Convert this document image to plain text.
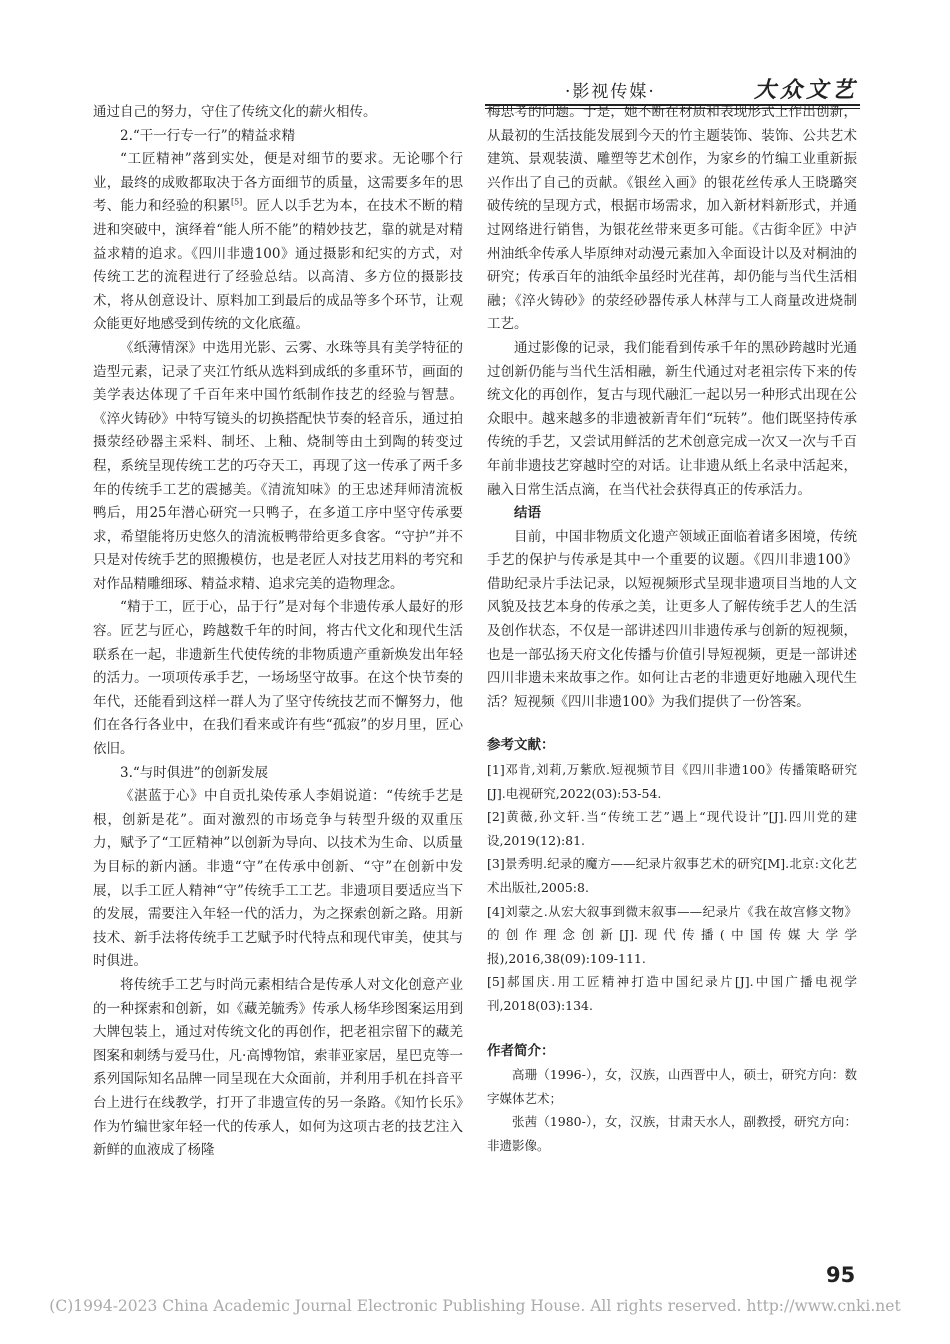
·影视传媒·	大众文艺

通过自己的努力，守住了传统文化的薪火相传。

2.“干一行专一行”的精益求精

“工匠精神”落到实处，便是对细节的要求。无论哪个行业，最终的成败都取决于各方面细节的质量，这需要多年的思考、能力和经验的积累[5]。匠人以手艺为本，在技术不断的精进和突破中，演绎着“能人所不能”的精妙技艺，靠的就是对精益求精的追求。《四川非遗100》通过摄影和纪实的方式，对传统工艺的流程进行了经验总结。以高清、多方位的摄影技术，将从创意设计、原料加工到最后的成品等多个环节，让观众能更好地感受到传统的文化底蕴。

《纸薄情深》中选用光影、云雾、水珠等具有美学特征的造型元素，记录了夹江竹纸从选料到成纸的多重环节，画面的美学表达体现了千百年来中国竹纸制作技艺的经验与智慧。《淬火铸砂》中特写镜头的切换搭配快节奏的轻音乐，通过拍摄荥经砂器主采料、制坯、上釉、烧制等由土到陶的转变过程，系统呈现传统工艺的巧夺天工，再现了这一传承了两千多年的传统手工艺的震撼美。《清流知味》的王忠述拜师清流板鸭后，用25年潜心研究一只鸭子，在多道工序中坚守传承要求，希望能将历史悠久的清流板鸭带给更多食客。“守护”并不只是对传统手艺的照搬模仿，也是老匠人对技艺用料的考究和对作品精雕细琢、精益求精、追求完美的造物理念。

“精于工，匠于心，品于行”是对每个非遗传承人最好的形容。匠艺与匠心，跨越数千年的时间，将古代文化和现代生活联系在一起，非遗新生代使传统的非物质遗产重新焕发出年轻的活力。一项项传承手艺，一场场坚守故事。在这个快节奏的年代，还能看到这样一群人为了坚守传统技艺而不懈努力，他们在各行各业中，在我们看来或许有些“孤寂”的岁月里，匠心依旧。

3.“与时俱进”的创新发展

《湛蓝于心》中自贡扎染传承人李娟说道：“传统手艺是根，创新是花”。面对激烈的市场竞争与转型升级的双重压力，赋予了“工匠精神”以创新为导向、以技术为生命、以质量为目标的新内涵。非遗“守”在传承中创新、“守”在创新中发展，以手工匠人精神“守”传统手工工艺。非遗项目要适应当下的发展，需要注入年轻一代的活力，为之探索创新之路。用新技术、新手法将传统手工艺赋予时代特点和现代审美，使其与时俱进。

将传统手工艺与时尚元素相结合是传承人对文化创意产业的一种探索和创新，如《藏羌毓秀》传承人杨华珍图案运用到大牌包装上，通过对传统文化的再创作，把老祖宗留下的藏羌图案和刺绣与爱马仕，凡·高博物馆，索菲亚家居，星巴克等一系列国际知名品牌一同呈现在大众面前，并利用手机在抖音平台上进行在线教学，打开了非遗宣传的另一条路。《知竹长乐》作为竹编世家年轻一代的传承人，如何为这项古老的技艺注入新鲜的血液成了杨隆

梅思考的问题。于是，她不断在材质和表现形式上作出创新，从最初的生活技能发展到今天的竹主题装饰、装饰、公共艺术建筑、景观装潢、雕塑等艺术创作，为家乡的竹编工业重新振兴作出了自己的贡献。《银丝入画》的银花丝传承人王晓璐突破传统的呈现方式，根据市场需求，加入新材料新形式，并通过网络进行销售，为银花丝带来更多可能。《古街伞匠》中泸州油纸伞传承人毕原绅对动漫元素加入伞面设计以及对桐油的研究；传承百年的油纸伞虽经时光荏苒，却仍能与当代生活相融；《淬火铸砂》的荥经砂器传承人林萍与工人商量改进烧制工艺。

通过影像的记录，我们能看到传承千年的黑砂跨越时光通过创新仍能与当代生活相融，新生代通过对老祖宗传下来的传统文化的再创作，复古与现代融汇一起以另一种形式出现在公众眼中。越来越多的非遗被新青年们“玩转”。他们既坚持传承传统的手艺，又尝试用鲜活的艺术创意完成一次又一次与千百年前非遗技艺穿越时空的对话。让非遗从纸上名录中活起来，融入日常生活点滴，在当代社会获得真正的传承活力。

结语

目前，中国非物质文化遗产领域正面临着诸多困境，传统手艺的保护与传承是其中一个重要的议题。《四川非遗100》借助纪录片手法记录，以短视频形式呈现非遗项目当地的人文风貌及技艺本身的传承之美，让更多人了解传统手艺人的生活及创作状态，不仅是一部讲述四川非遗传承与创新的短视频，也是一部弘扬天府文化传播与价值引导短视频，更是一部讲述四川非遗未来故事之作。如何让古老的非遗更好地融入现代生活？短视频《四川非遗100》为我们提供了一份答案。

参考文献：

[1]邓肯,刘莉,万紫欣.短视频节目《四川非遗100》传播策略研究[J].电视研究,2022(03):53-54.

[2]黄薇,孙文轩.当“传统工艺”遇上“现代设计”[J].四川党的建设,2019(12):81.

[3]景秀明.纪录的魔方——纪录片叙事艺术的研究[M].北京:文化艺术出版社,2005:8.

[4]刘蒙之.从宏大叙事到微末叙事——纪录片《我在故宫修文物》的创作理念创新[J].现代传播(中国传媒大学学报),2016,38(09):109-111.

[5]郝国庆.用工匠精神打造中国纪录片[J].中国广播电视学刊,2018(03):134.

作者简介：

高珊（1996-），女，汉族，山西晋中人，硕士，研究方向：数字媒体艺术；

张茜（1980-），女，汉族，甘肃天水人，副教授，研究方向：非遗影像。

95
(C)1994-2023 China Academic Journal Electronic Publishing House. All rights reserved. http://www.cnki.net
